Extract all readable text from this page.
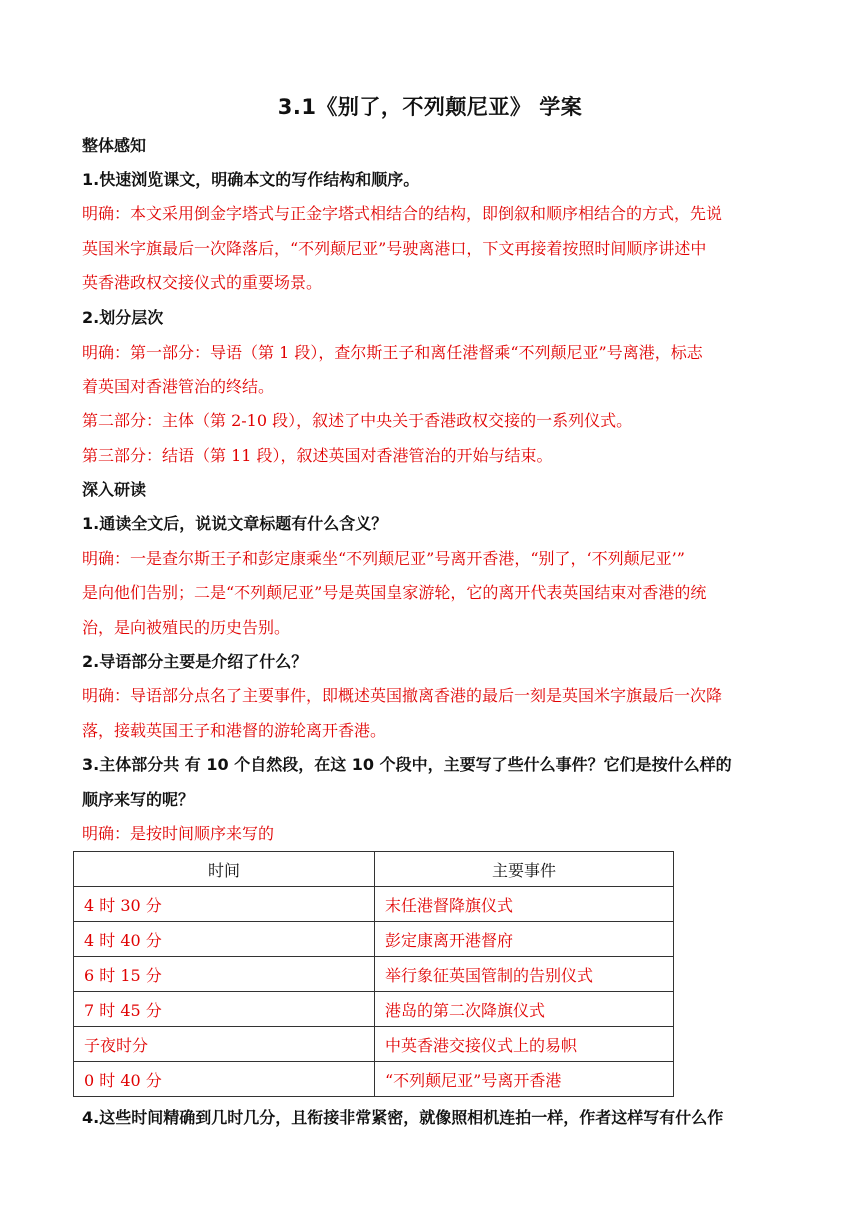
3.1《别了，不列颠尼亚》 学案
整体感知
1.快速浏览课文，明确本文的写作结构和顺序。
明确：本文采用倒金字塔式与正金字塔式相结合的结构，即倒叙和顺序相结合的方式，先说
英国米字旗最后一次降落后，“不列颠尼亚”号驶离港口，下文再接着按照时间顺序讲述中
英香港政权交接仪式的重要场景。
2.划分层次
明确：第一部分：导语（第 1 段），查尔斯王子和离任港督乘“不列颠尼亚”号离港，标志
着英国对香港管治的终结。
第二部分：主体（第 2-10 段），叙述了中央关于香港政权交接的一系列仪式。
第三部分：结语（第 11 段），叙述英国对香港管治的开始与结束。
深入研读
1.通读全文后，说说文章标题有什么含义？
明确：一是查尔斯王子和彭定康乘坐“不列颠尼亚”号离开香港，“别了，‘不列颠尼亚’”
是向他们告别；二是“不列颠尼亚”号是英国皇家游轮，它的离开代表英国结束对香港的统
治，是向被殖民的历史告别。
2.导语部分主要是介绍了什么？
明确：导语部分点名了主要事件，即概述英国撤离香港的最后一刻是英国米字旗最后一次降
落，接载英国王子和港督的游轮离开香港。
3.主体部分共 有 10 个自然段，在这 10 个段中，主要写了些什么事件？它们是按什么样的
顺序来写的呢？
明确：是按时间顺序来写的
时间	主要事件
4 时 30 分	末任港督降旗仪式
4 时 40 分	彭定康离开港督府
6 时 15 分	举行象征英国管制的告别仪式
7 时 45 分	港岛的第二次降旗仪式
子夜时分	中英香港交接仪式上的易帜
0 时 40 分	“不列颠尼亚”号离开香港
4.这些时间精确到几时几分，且衔接非常紧密，就像照相机连拍一样，作者这样写有什么作
